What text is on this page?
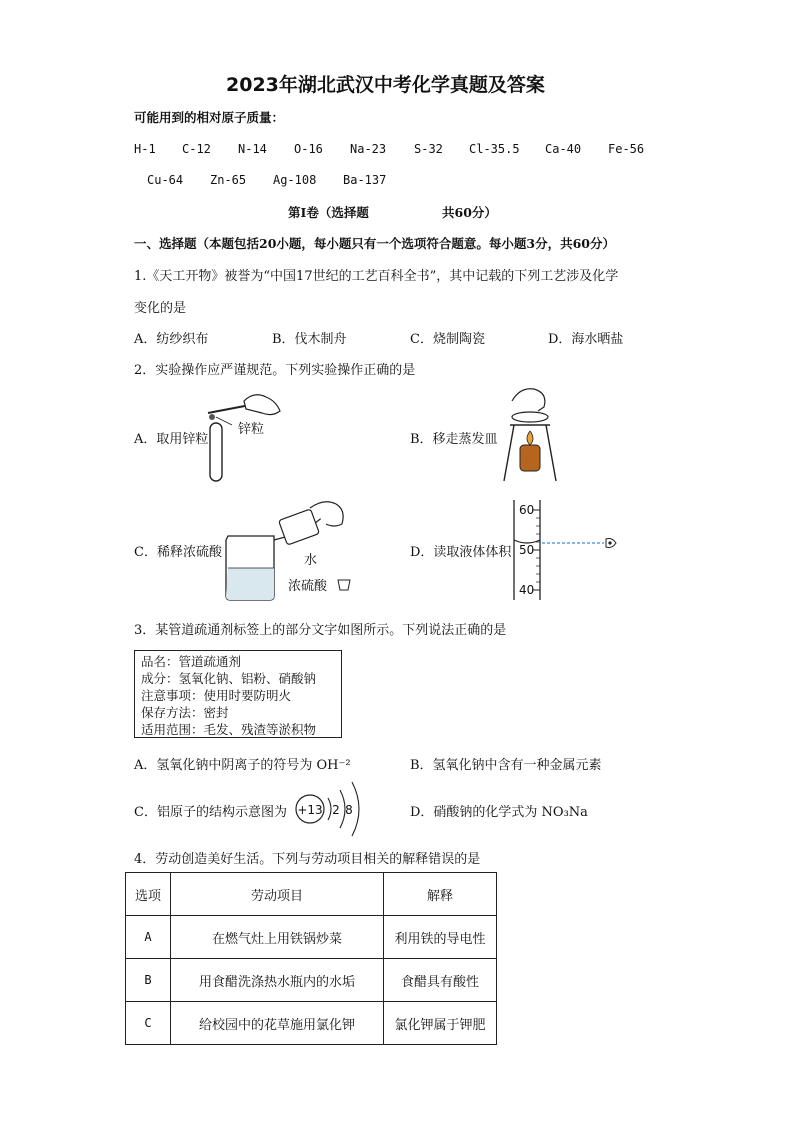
2023年湖北武汉中考化学真题及答案
可能用到的相对原子质量：
H-1 C-12 N-14 O-16 Na-23 S-32 Cl-35.5 Ca-40 Fe-56
Cu-64 Zn-65 Ag-108 Ba-137
第Ⅰ卷（选择题	共60分）
一、选择题（本题包括20小题，每小题只有一个选项符合题意。每小题3分，共60分）
1.《天工开物》被誉为“中国17世纪的工艺百科全书”，其中记载的下列工艺涉及化学
变化的是
A．纺纱织布	B．伐木制舟	C．烧制陶瓷	D．海水晒盐
2．实验操作应严谨规范。下列实验操作正确的是
锌粒
A．取用锌粒	B．移走蒸发皿
水
浓硫酸
C．稀释浓硫酸
60
50
40
D．读取液体体积
3．某管道疏通剂标签上的部分文字如图所示。下列说法正确的是
品名：管道疏通剂
成分：氢氧化钠、铝粉、硝酸钠
注意事项：使用时要防明火
保存方法：密封
适用范围：毛发、残渣等淤积物
A．氢氧化钠中阴离子的符号为 OH⁻²	B．氢氧化钠中含有一种金属元素
C．铝原子的结构示意图为 +13 2 8	D．硝酸钠的化学式为 NO₃Na
4．劳动创造美好生活。下列与劳动项目相关的解释错误的是
选项	劳动项目	解释
A	在燃气灶上用铁锅炒菜	利用铁的导电性
B	用食醋洗涤热水瓶内的水垢	食醋具有酸性
C	给校园中的花草施用氯化钾	氯化钾属于钾肥
